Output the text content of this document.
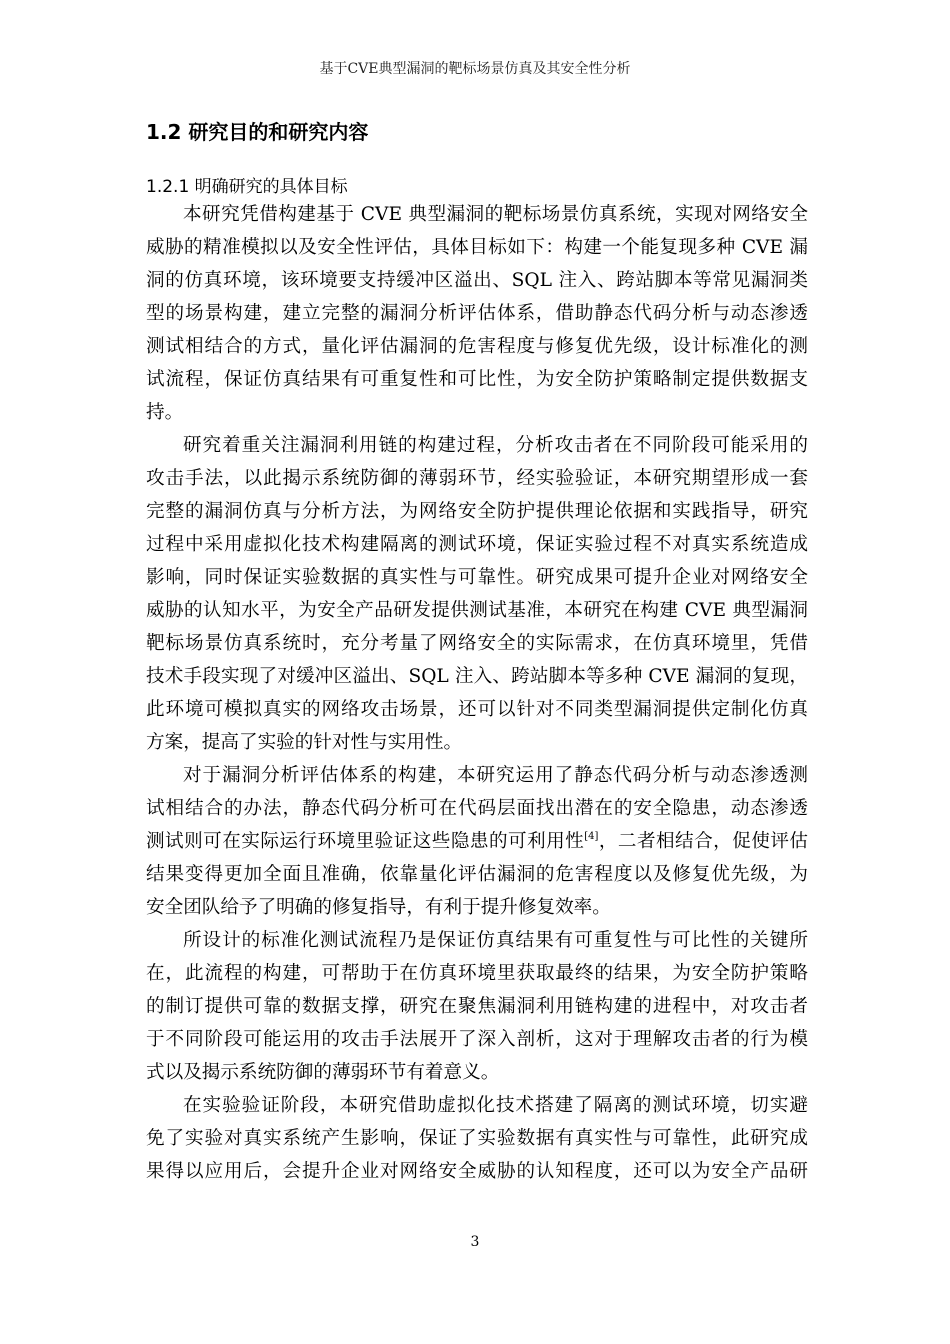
基于CVE典型漏洞的靶标场景仿真及其安全性分析
1.2 研究目的和研究内容
1.2.1 明确研究的具体目标
本研究凭借构建基于 CVE 典型漏洞的靶标场景仿真系统，实现对网络安全
威胁的精准模拟以及安全性评估，具体目标如下：构建一个能复现多种 CVE 漏
洞的仿真环境，该环境要支持缓冲区溢出、SQL 注入、跨站脚本等常见漏洞类
型的场景构建，建立完整的漏洞分析评估体系，借助静态代码分析与动态渗透
测试相结合的方式，量化评估漏洞的危害程度与修复优先级，设计标准化的测
试流程，保证仿真结果有可重复性和可比性，为安全防护策略制定提供数据支
持。
研究着重关注漏洞利用链的构建过程，分析攻击者在不同阶段可能采用的
攻击手法，以此揭示系统防御的薄弱环节，经实验验证，本研究期望形成一套
完整的漏洞仿真与分析方法，为网络安全防护提供理论依据和实践指导，研究
过程中采用虚拟化技术构建隔离的测试环境，保证实验过程不对真实系统造成
影响，同时保证实验数据的真实性与可靠性。研究成果可提升企业对网络安全
威胁的认知水平，为安全产品研发提供测试基准，本研究在构建 CVE 典型漏洞
靶标场景仿真系统时，充分考量了网络安全的实际需求，在仿真环境里，凭借
技术手段实现了对缓冲区溢出、SQL 注入、跨站脚本等多种 CVE 漏洞的复现，
此环境可模拟真实的网络攻击场景，还可以针对不同类型漏洞提供定制化仿真
方案，提高了实验的针对性与实用性。
对于漏洞分析评估体系的构建，本研究运用了静态代码分析与动态渗透测
试相结合的办法，静态代码分析可在代码层面找出潜在的安全隐患，动态渗透
测试则可在实际运行环境里验证这些隐患的可利用性[4]，二者相结合，促使评估
结果变得更加全面且准确，依靠量化评估漏洞的危害程度以及修复优先级，为
安全团队给予了明确的修复指导，有利于提升修复效率。
所设计的标准化测试流程乃是保证仿真结果有可重复性与可比性的关键所
在，此流程的构建，可帮助于在仿真环境里获取最终的结果，为安全防护策略
的制订提供可靠的数据支撑，研究在聚焦漏洞利用链构建的进程中，对攻击者
于不同阶段可能运用的攻击手法展开了深入剖析，这对于理解攻击者的行为模
式以及揭示系统防御的薄弱环节有着意义。
在实验验证阶段，本研究借助虚拟化技术搭建了隔离的测试环境，切实避
免了实验对真实系统产生影响，保证了实验数据有真实性与可靠性，此研究成
果得以应用后，会提升企业对网络安全威胁的认知程度，还可以为安全产品研
3
